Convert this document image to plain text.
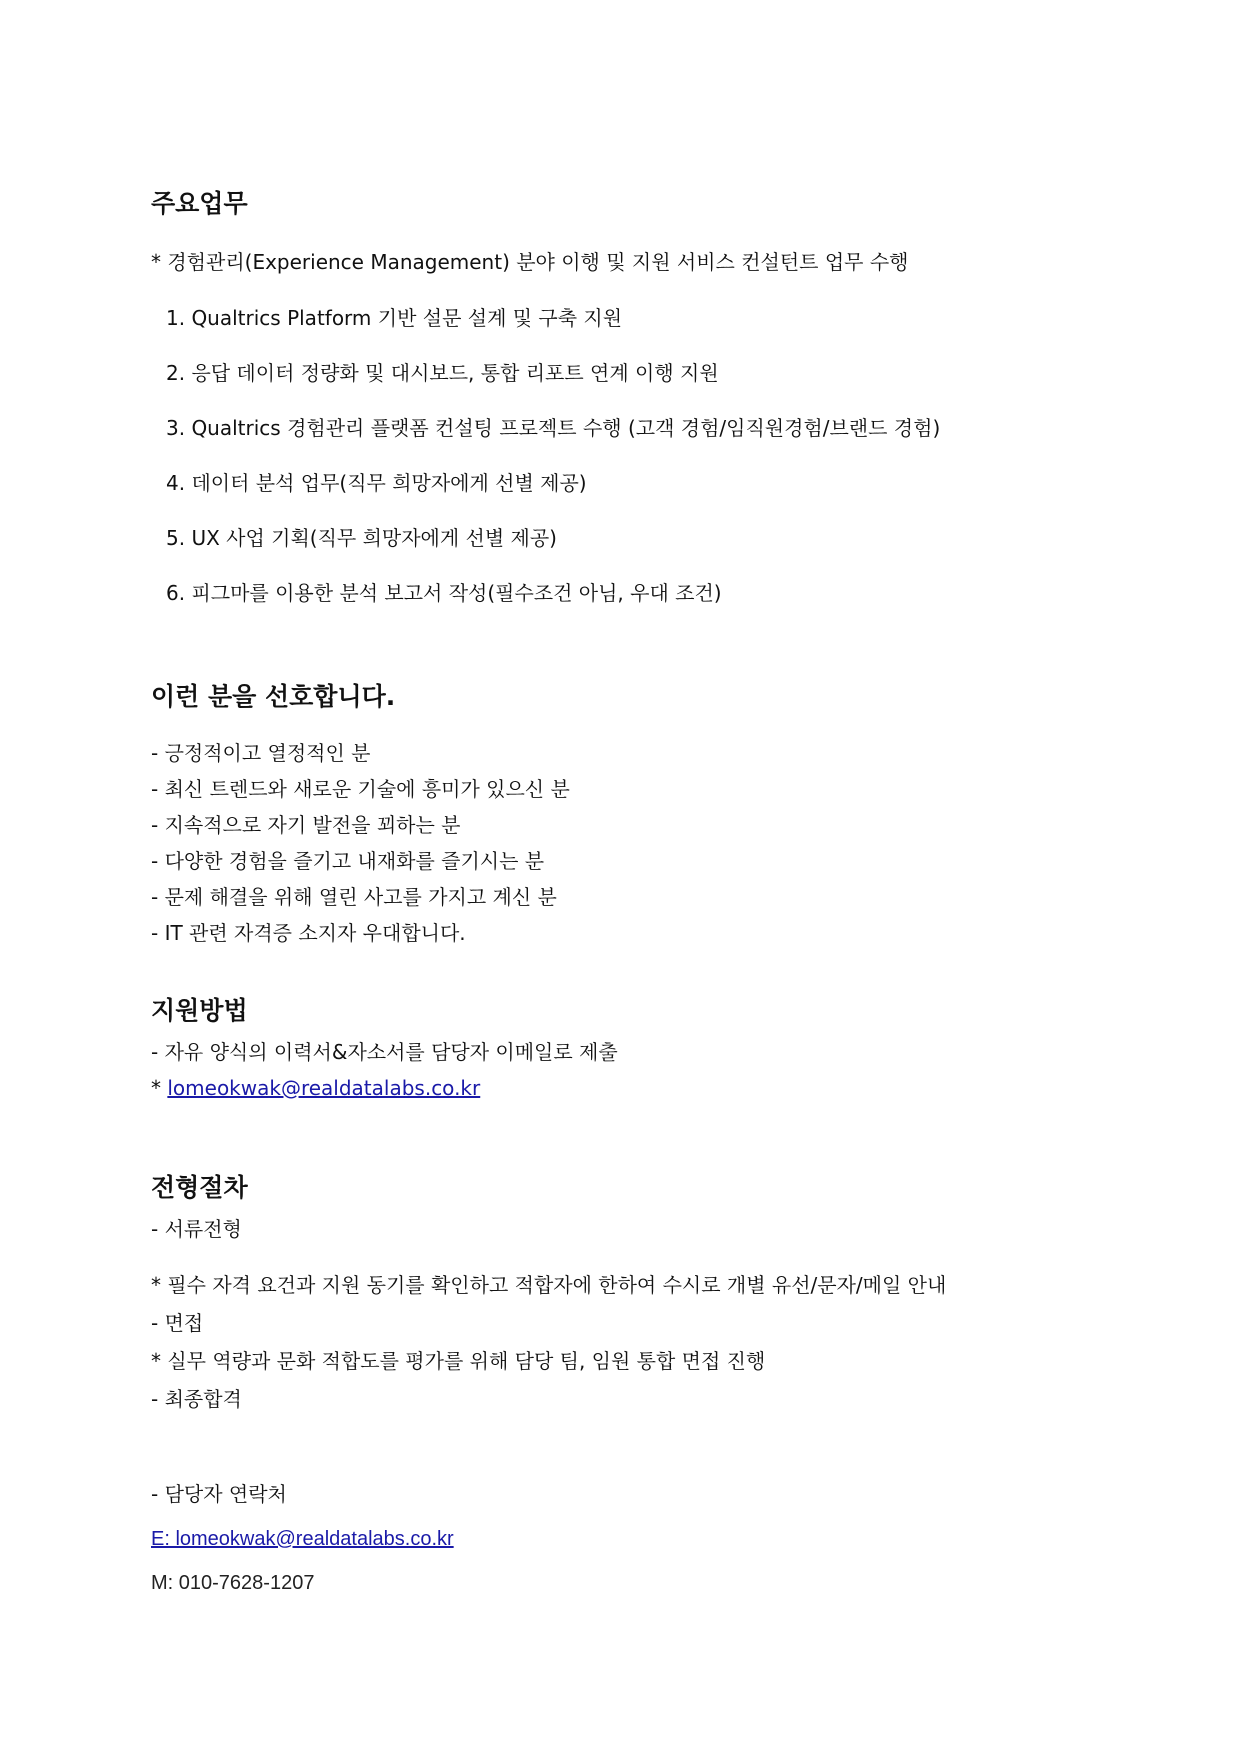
주요업무
* 경험관리(Experience Management) 분야 이행 및 지원 서비스 컨설턴트 업무 수행
1. Qualtrics Platform 기반 설문 설계 및 구축 지원
2. 응답 데이터 정량화 및 대시보드, 통합 리포트 연계 이행 지원
3. Qualtrics 경험관리 플랫폼 컨설팅 프로젝트 수행 (고객 경험/임직원경험/브랜드 경험)
4. 데이터 분석 업무(직무 희망자에게 선별 제공)
5. UX 사업 기획(직무 희망자에게 선별 제공)
6. 피그마를 이용한 분석 보고서 작성(필수조건 아님, 우대 조건)
이런 분을 선호합니다.
- 긍정적이고 열정적인 분
- 최신 트렌드와 새로운 기술에 흥미가 있으신 분
- 지속적으로 자기 발전을 꾀하는 분
- 다양한 경험을 즐기고 내재화를 즐기시는 분
- 문제 해결을 위해 열린 사고를 가지고 계신 분
- IT 관련 자격증 소지자 우대합니다.
지원방법
- 자유 양식의 이력서&자소서를 담당자 이메일로 제출
* lomeokwak@realdatalabs.co.kr
전형절차
- 서류전형
* 필수 자격 요건과 지원 동기를 확인하고 적합자에 한하여 수시로 개별 유선/문자/메일 안내
- 면접
* 실무 역량과 문화 적합도를 평가를 위해 담당 팀, 임원 통합 면접 진행
- 최종합격
- 담당자 연락처
E: lomeokwak@realdatalabs.co.kr
M: 010-7628-1207
